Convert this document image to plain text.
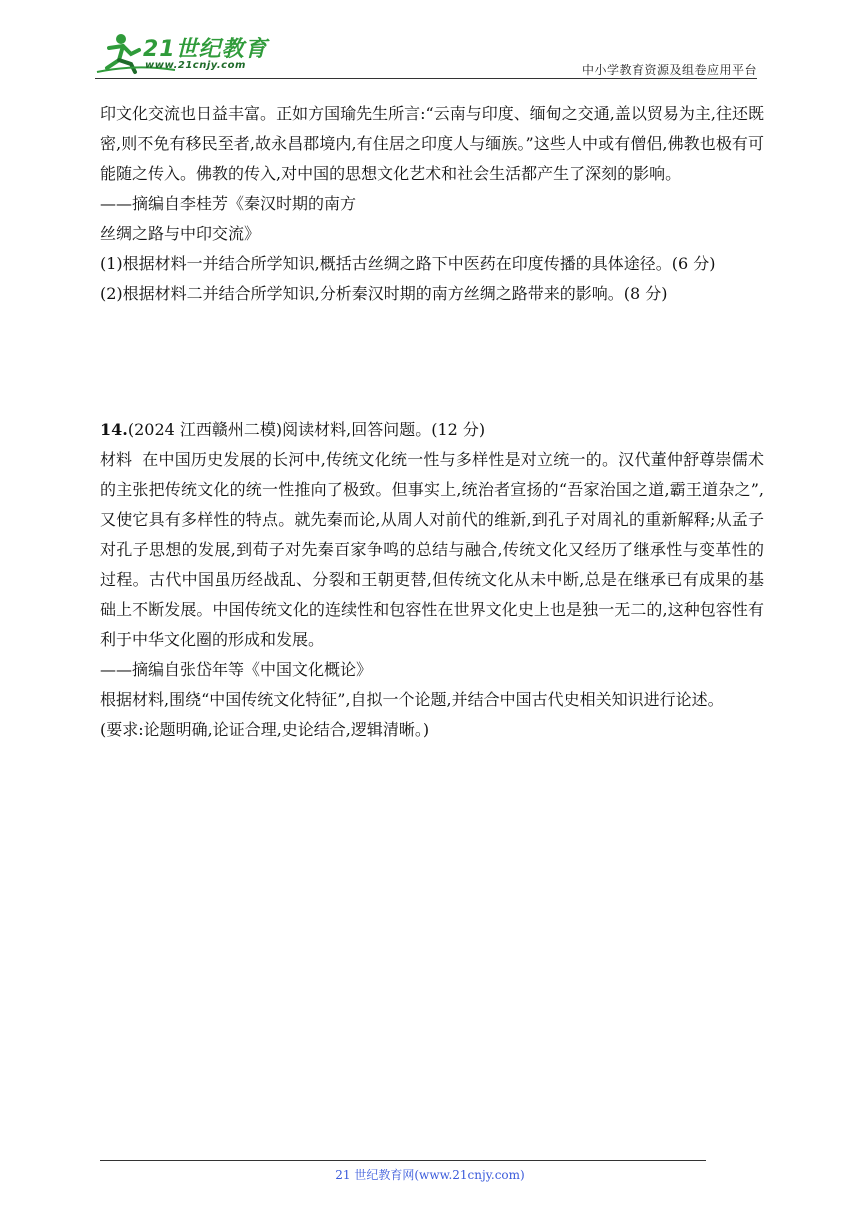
21世纪教育
www.21cnjy.com	中小学教育资源及组卷应用平台

印文化交流也日益丰富。正如方国瑜先生所言:“云南与印度、缅甸之交通,盖以贸易为主,往还既密,则不免有移民至者,故永昌郡境内,有住居之印度人与缅族。”这些人中或有僧侣,佛教也极有可能随之传入。佛教的传入,对中国的思想文化艺术和社会生活都产生了深刻的影响。

——摘编自李桂芳《秦汉时期的南方

丝绸之路与中印交流》

(1)根据材料一并结合所学知识,概括古丝绸之路下中医药在印度传播的具体途径。(6 分)

(2)根据材料二并结合所学知识,分析秦汉时期的南方丝绸之路带来的影响。(8 分)

14.(2024 江西赣州二模)阅读材料,回答问题。(12 分)

材料 在中国历史发展的长河中,传统文化统一性与多样性是对立统一的。汉代董仲舒尊崇儒术的主张把传统文化的统一性推向了极致。但事实上,统治者宣扬的“吾家治国之道,霸王道杂之”,又使它具有多样性的特点。就先秦而论,从周人对前代的维新,到孔子对周礼的重新解释;从孟子对孔子思想的发展,到荀子对先秦百家争鸣的总结与融合,传统文化又经历了继承性与变革性的过程。古代中国虽历经战乱、分裂和王朝更替,但传统文化从未中断,总是在继承已有成果的基础上不断发展。中国传统文化的连续性和包容性在世界文化史上也是独一无二的,这种包容性有利于中华文化圈的形成和发展。

——摘编自张岱年等《中国文化概论》

根据材料,围绕“中国传统文化特征”,自拟一个论题,并结合中国古代史相关知识进行论述。

(要求:论题明确,论证合理,史论结合,逻辑清晰。)

21 世纪教育网(www.21cnjy.com)
